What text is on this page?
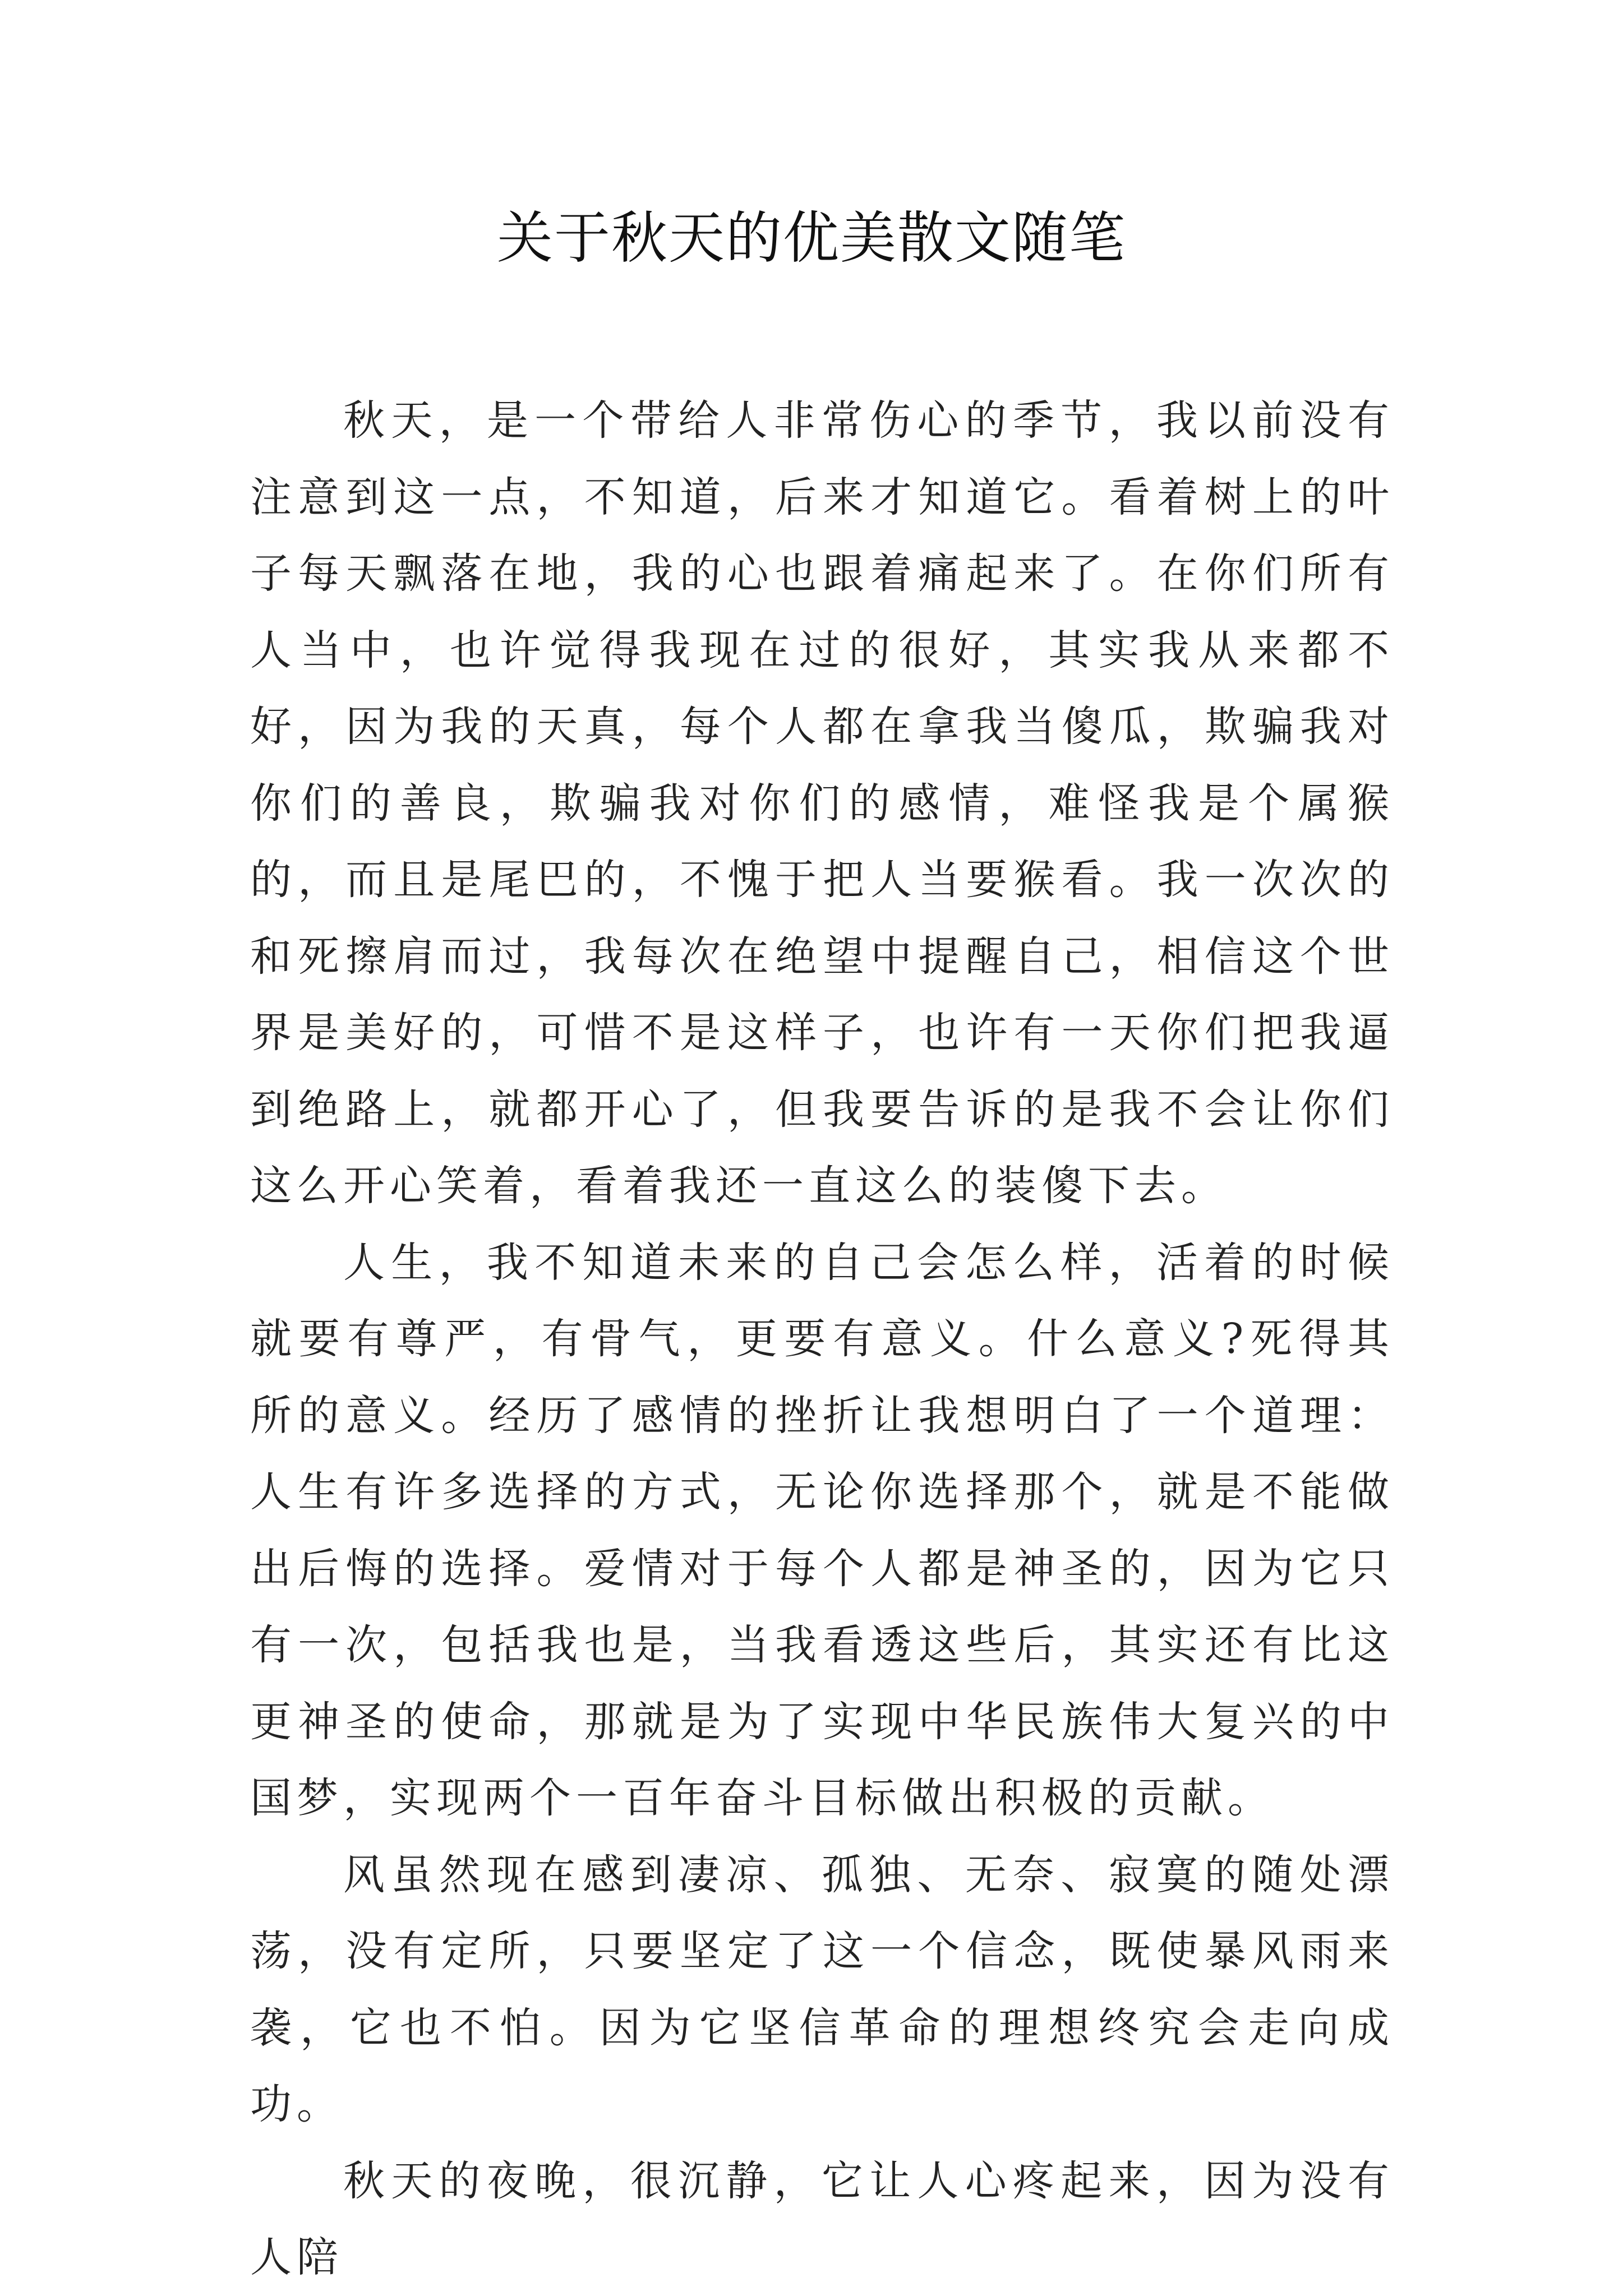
关于秋天的优美散文随笔

秋天，是一个带给人非常伤心的季节，我以前没有注意到这一点，不知道，后来才知道它。看着树上的叶子每天飘落在地，我的心也跟着痛起来了。在你们所有人当中，也许觉得我现在过的很好，其实我从来都不好，因为我的天真，每个人都在拿我当傻瓜，欺骗我对你们的善良，欺骗我对你们的感情，难怪我是个属猴的，而且是尾巴的，不愧于把人当要猴看。我一次次的和死擦肩而过，我每次在绝望中提醒自己，相信这个世界是美好的，可惜不是这样子，也许有一天你们把我逼到绝路上，就都开心了，但我要告诉的是我不会让你们这么开心笑着，看着我还一直这么的装傻下去。

人生，我不知道未来的自己会怎么样，活着的时候就要有尊严，有骨气，更要有意义。什么意义?死得其所的意义。经历了感情的挫折让我想明白了一个道理：人生有许多选择的方式，无论你选择那个，就是不能做出后悔的选择。爱情对于每个人都是神圣的，因为它只有一次，包括我也是，当我看透这些后，其实还有比这更神圣的使命，那就是为了实现中华民族伟大复兴的中国梦，实现两个一百年奋斗目标做出积极的贡献。

风虽然现在感到凄凉、孤独、无奈、寂寞的随处漂荡，没有定所，只要坚定了这一个信念，既使暴风雨来袭，它也不怕。因为它坚信革命的理想终究会走向成功。

秋天的夜晚，很沉静，它让人心疼起来，因为没有人陪
